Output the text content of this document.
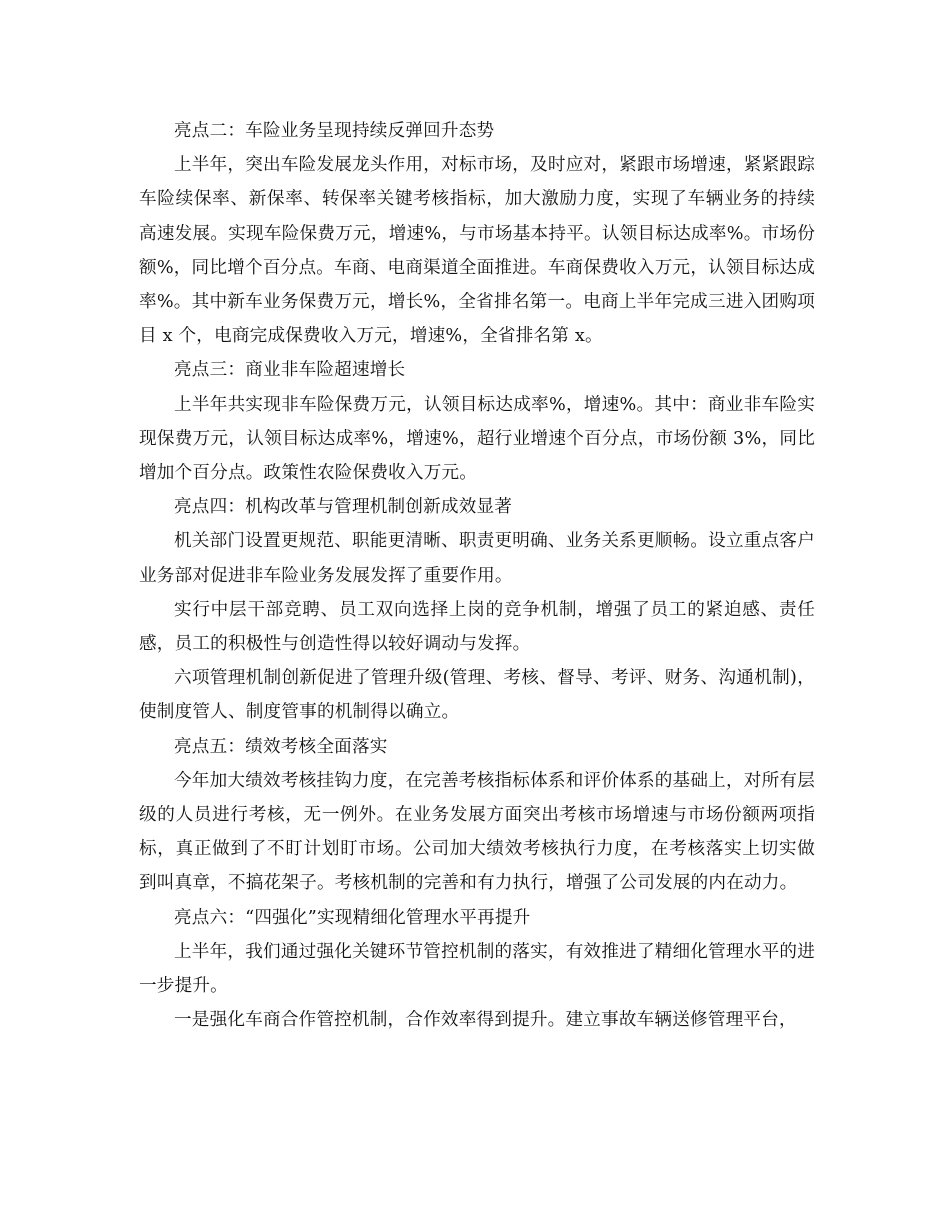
亮点二：车险业务呈现持续反弹回升态势

上半年，突出车险发展龙头作用，对标市场，及时应对，紧跟市场增速，紧紧跟踪车险续保率、新保率、转保率关键考核指标，加大激励力度，实现了车辆业务的持续高速发展。实现车险保费万元，增速%，与市场基本持平。认领目标达成率%。市场份额%，同比增个百分点。车商、电商渠道全面推进。车商保费收入万元，认领目标达成率%。其中新车业务保费万元，增长%，全省排名第一。电商上半年完成三进入团购项目 x 个，电商完成保费收入万元，增速%，全省排名第 x。

亮点三：商业非车险超速增长

上半年共实现非车险保费万元，认领目标达成率%，增速%。其中：商业非车险实现保费万元，认领目标达成率%，增速%，超行业增速个百分点，市场份额 3%，同比增加个百分点。政策性农险保费收入万元。

亮点四：机构改革与管理机制创新成效显著

机关部门设置更规范、职能更清晰、职责更明确、业务关系更顺畅。设立重点客户业务部对促进非车险业务发展发挥了重要作用。

实行中层干部竞聘、员工双向选择上岗的竞争机制，增强了员工的紧迫感、责任感，员工的积极性与创造性得以较好调动与发挥。

六项管理机制创新促进了管理升级(管理、考核、督导、考评、财务、沟通机制)，使制度管人、制度管事的机制得以确立。

亮点五：绩效考核全面落实

今年加大绩效考核挂钩力度，在完善考核指标体系和评价体系的基础上，对所有层级的人员进行考核，无一例外。在业务发展方面突出考核市场增速与市场份额两项指标，真正做到了不盯计划盯市场。公司加大绩效考核执行力度，在考核落实上切实做到叫真章，不搞花架子。考核机制的完善和有力执行，增强了公司发展的内在动力。

亮点六：“四强化”实现精细化管理水平再提升

上半年，我们通过强化关键环节管控机制的落实，有效推进了精细化管理水平的进一步提升。

一是强化车商合作管控机制，合作效率得到提升。建立事故车辆送修管理平台，
